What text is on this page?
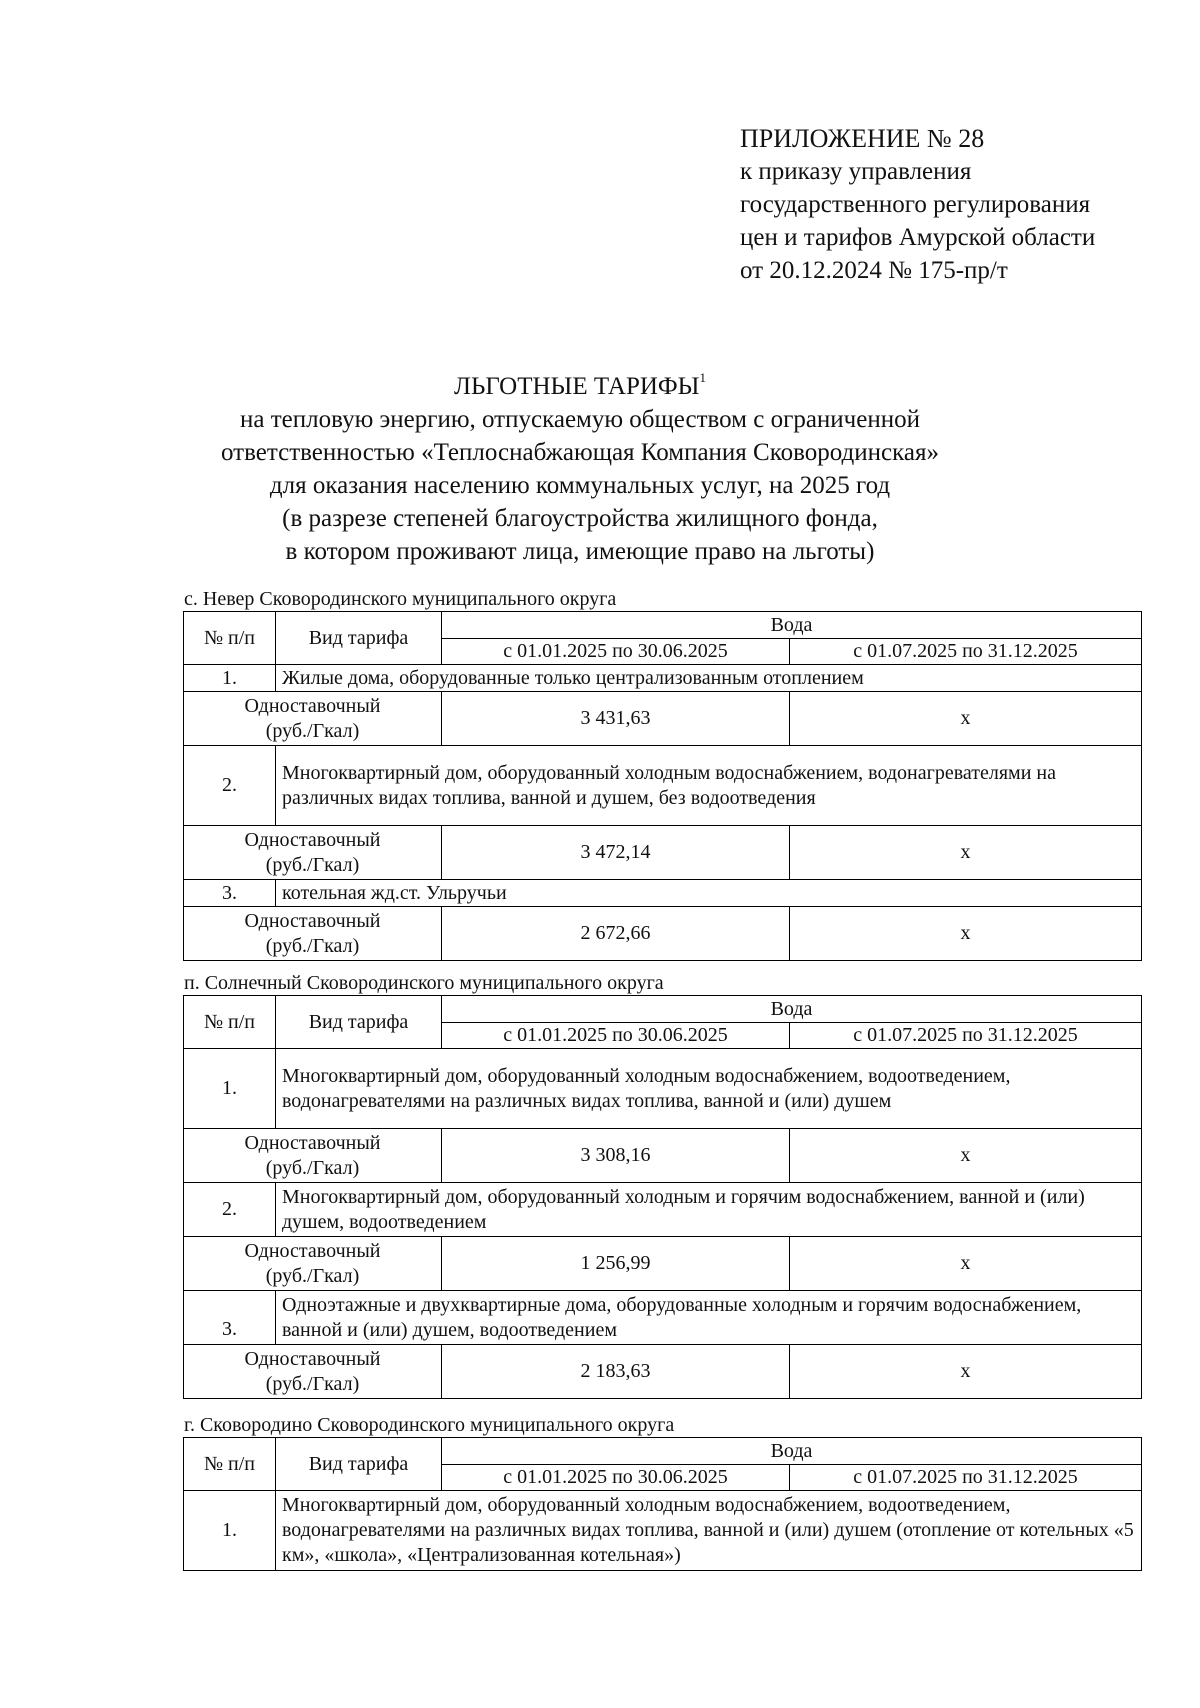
ПРИЛОЖЕНИЕ № 28
к приказу управления
государственного регулирования
цен и тарифов Амурской области
от 20.12.2024 № 175-пр/т
ЛЬГОТНЫЕ ТАРИФЫ$^1$
на тепловую энергию, отпускаемую обществом с ограниченной
ответственностью «Теплоснабжающая Компания Сковородинская»
для оказания населению коммунальных услуг, на 2025 год
(в разрезе степеней благоустройства жилищного фонда,
в котором проживают лица, имеющие право на льготы)
с. Невер Сковородинского муниципального округа
№ п/п	Вид тарифа	Вода	
		с 01.01.2025 по 30.06.2025	с 01.07.2025 по 31.12.2025
1.	Жилые дома, оборудованные только централизованным отоплением		
Одноставочный
(руб./Гкал)		3 431,63	х
2.	Многоквартирный дом, оборудованный холодным водоснабжением, водонагревателями на различных видах топлива, ванной и душем, без водоотведения		
Одноставочный
(руб./Гкал)		3 472,14	х
3.	котельная жд.ст. Ульручьи		
Одноставочный
(руб./Гкал)		2 672,66	х
п. Солнечный Сковородинского муниципального округа
№ п/п	Вид тарифа	Вода	
		с 01.01.2025 по 30.06.2025	с 01.07.2025 по 31.12.2025
1.	Многоквартирный дом, оборудованный холодным водоснабжением, водоотведением, водонагревателями на различных видах топлива, ванной и (или) душем		
Одноставочный
(руб./Гкал)		3 308,16	х
2.	Многоквартирный дом, оборудованный холодным и горячим водоснабжением, ванной и (или) душем, водоотведением		
Одноставочный
(руб./Гкал)		1 256,99	х
3.	Одноэтажные и двухквартирные дома, оборудованные холодным и горячим водоснабжением, ванной и (или) душем, водоотведением		
Одноставочный
(руб./Гкал)		2 183,63	х
г. Сковородино Сковородинского муниципального округа
№ п/п	Вид тарифа	Вода	
		с 01.01.2025 по 30.06.2025	с 01.07.2025 по 31.12.2025
1.	Многоквартирный дом, оборудованный холодным водоснабжением, водоотведением, водонагревателями на различных видах топлива, ванной и (или) душем (отопление от котельных «5 км», «школа», «Централизованная котельная»)		
